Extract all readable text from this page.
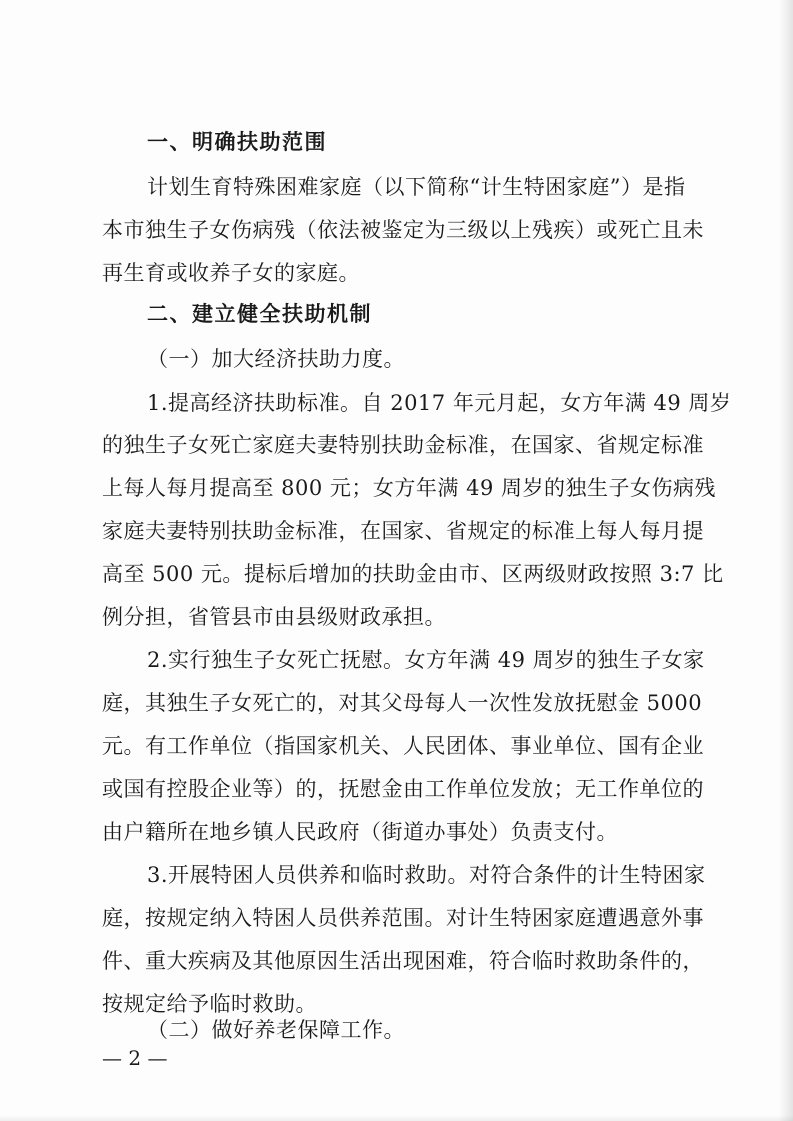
一、明确扶助范围
计划生育特殊困难家庭（以下简称“计生特困家庭”）是指
本市独生子女伤病残（依法被鉴定为三级以上残疾）或死亡且未
再生育或收养子女的家庭。
二、建立健全扶助机制
（一）加大经济扶助力度。
1.提高经济扶助标准。自 2017 年元月起，女方年满 49 周岁
的独生子女死亡家庭夫妻特别扶助金标准，在国家、省规定标准
上每人每月提高至 800 元；女方年满 49 周岁的独生子女伤病残
家庭夫妻特别扶助金标准，在国家、省规定的标准上每人每月提
高至 500 元。提标后增加的扶助金由市、区两级财政按照 3:7 比
例分担，省管县市由县级财政承担。
2.实行独生子女死亡抚慰。女方年满 49 周岁的独生子女家
庭，其独生子女死亡的，对其父母每人一次性发放抚慰金 5000
元。有工作单位（指国家机关、人民团体、事业单位、国有企业
或国有控股企业等）的，抚慰金由工作单位发放；无工作单位的
由户籍所在地乡镇人民政府（街道办事处）负责支付。
3.开展特困人员供养和临时救助。对符合条件的计生特困家
庭，按规定纳入特困人员供养范围。对计生特困家庭遭遇意外事
件、重大疾病及其他原因生活出现困难，符合临时救助条件的，
按规定给予临时救助。
（二）做好养老保障工作。
— 2 —
